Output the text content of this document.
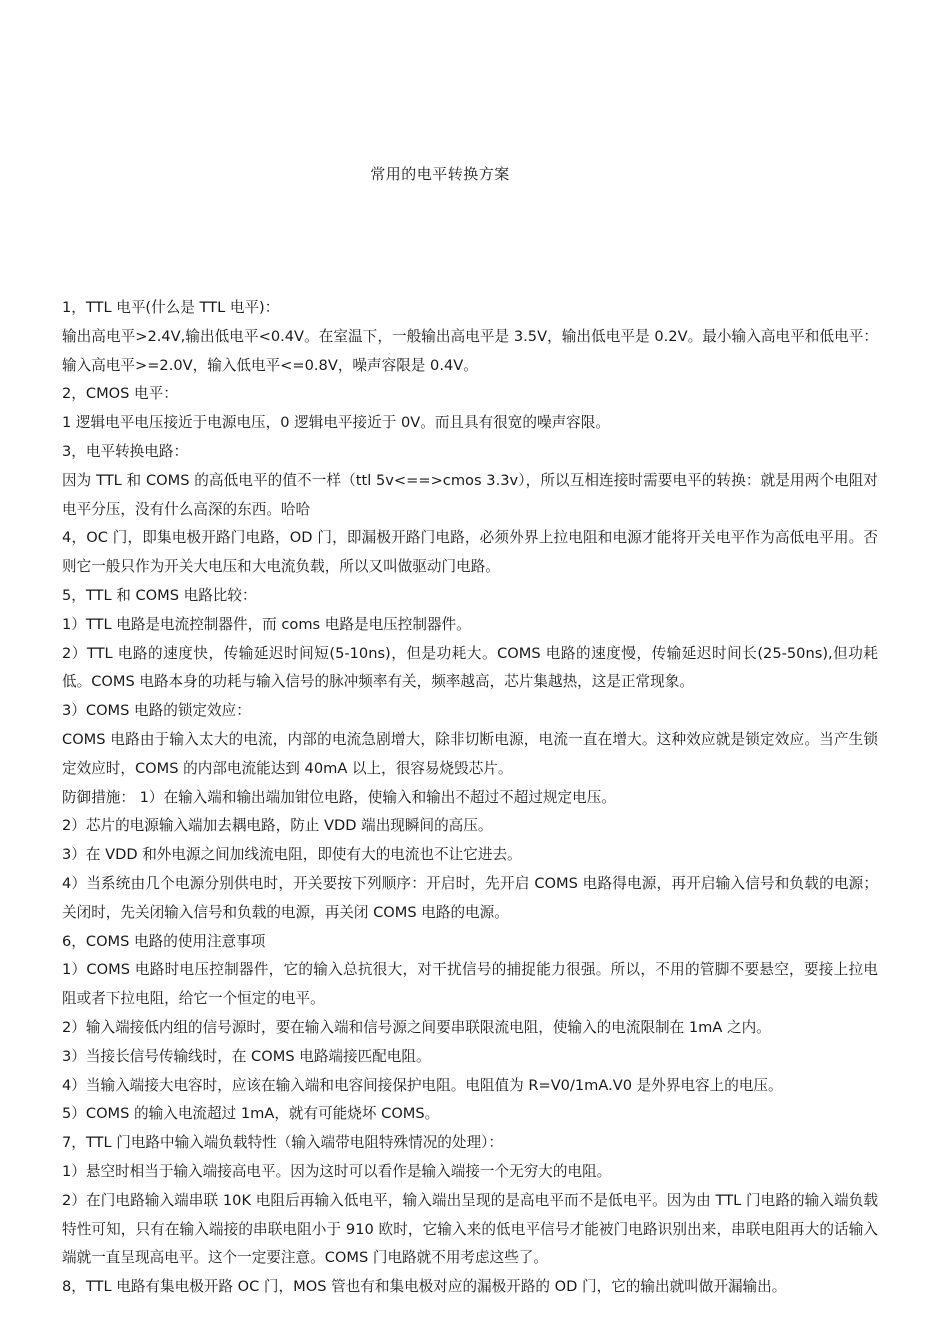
常用的电平转换方案

1，TTL 电平(什么是 TTL 电平)：

输出高电平>2.4V,输出低电平<0.4V。在室温下，一般输出高电平是 3.5V，输出低电平是 0.2V。最小输入高电平和低电平：输入高电平>=2.0V，输入低电平<=0.8V，噪声容限是 0.4V。

2，CMOS 电平：

1 逻辑电平电压接近于电源电压，0 逻辑电平接近于 0V。而且具有很宽的噪声容限。

3，电平转换电路：

因为 TTL 和 COMS 的高低电平的值不一样（ttl 5v<==>cmos 3.3v），所以互相连接时需要电平的转换：就是用两个电阻对电平分压，没有什么高深的东西。哈哈

4，OC 门，即集电极开路门电路，OD 门，即漏极开路门电路，必须外界上拉电阻和电源才能将开关电平作为高低电平用。否则它一般只作为开关大电压和大电流负载，所以又叫做驱动门电路。

5，TTL 和 COMS 电路比较：

1）TTL 电路是电流控制器件，而 coms 电路是电压控制器件。

2）TTL 电路的速度快，传输延迟时间短(5-10ns)，但是功耗大。COMS 电路的速度慢，传输延迟时间长(25-50ns),但功耗低。COMS 电路本身的功耗与输入信号的脉冲频率有关，频率越高，芯片集越热，这是正常现象。

3）COMS 电路的锁定效应：

COMS 电路由于输入太大的电流，内部的电流急剧增大，除非切断电源，电流一直在增大。这种效应就是锁定效应。当产生锁定效应时，COMS 的内部电流能达到 40mA 以上，很容易烧毁芯片。

防御措施： 1）在输入端和输出端加钳位电路，使输入和输出不超过不超过规定电压。

2）芯片的电源输入端加去耦电路，防止 VDD 端出现瞬间的高压。

3）在 VDD 和外电源之间加线流电阻，即使有大的电流也不让它进去。

4）当系统由几个电源分别供电时，开关要按下列顺序：开启时，先开启 COMS 电路得电源，再开启输入信号和负载的电源；关闭时，先关闭输入信号和负载的电源，再关闭 COMS 电路的电源。

6，COMS 电路的使用注意事项

1）COMS 电路时电压控制器件，它的输入总抗很大，对干扰信号的捕捉能力很强。所以，不用的管脚不要悬空，要接上拉电阻或者下拉电阻，给它一个恒定的电平。

2）输入端接低内组的信号源时，要在输入端和信号源之间要串联限流电阻，使输入的电流限制在 1mA 之内。

3）当接长信号传输线时，在 COMS 电路端接匹配电阻。

4）当输入端接大电容时，应该在输入端和电容间接保护电阻。电阻值为 R=V0/1mA.V0 是外界电容上的电压。

5）COMS 的输入电流超过 1mA，就有可能烧坏 COMS。

7，TTL 门电路中输入端负载特性（输入端带电阻特殊情况的处理）：

1）悬空时相当于输入端接高电平。因为这时可以看作是输入端接一个无穷大的电阻。

2）在门电路输入端串联 10K 电阻后再输入低电平，输入端出呈现的是高电平而不是低电平。因为由 TTL 门电路的输入端负载特性可知，只有在输入端接的串联电阻小于 910 欧时，它输入来的低电平信号才能被门电路识别出来，串联电阻再大的话输入端就一直呈现高电平。这个一定要注意。COMS 门电路就不用考虑这些了。

8，TTL 电路有集电极开路 OC 门，MOS 管也有和集电极对应的漏极开路的 OD 门，它的输出就叫做开漏输出。
